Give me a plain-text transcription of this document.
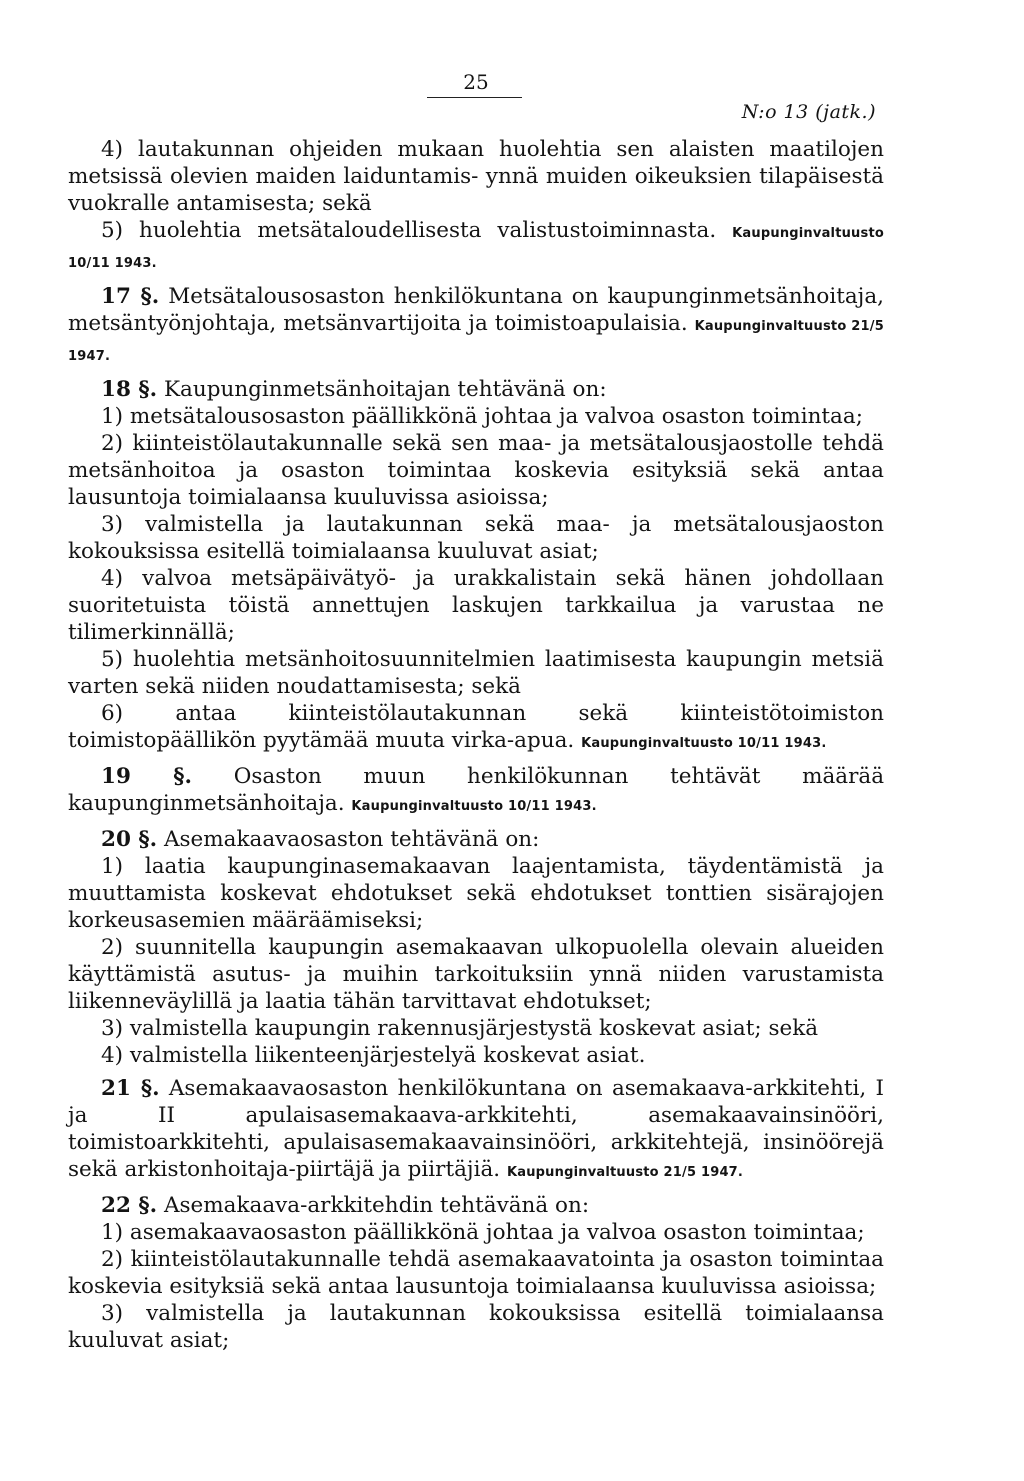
25
N:o 13 (jatk.)

4) lautakunnan ohjeiden mukaan huolehtia sen alaisten maatilojen metsissä olevien maiden laiduntamis- ynnä muiden oikeuksien tilapäisestä vuokralle antamisesta; sekä

5) huolehtia metsätaloudellisesta valistustoiminnasta. Kaupunginvaltuusto 10/11 1943.

17 §. Metsätalousosaston henkilökuntana on kaupunginmetsänhoitaja, metsäntyönjohtaja, metsänvartijoita ja toimistoapulaisia. Kaupunginvaltuusto 21/5 1947.

18 §. Kaupunginmetsänhoitajan tehtävänä on:

1) metsätalousosaston päällikkönä johtaa ja valvoa osaston toimintaa;

2) kiinteistölautakunnalle sekä sen maa- ja metsätalousjaostolle tehdä metsänhoitoa ja osaston toimintaa koskevia esityksiä sekä antaa lausuntoja toimialaansa kuuluvissa asioissa;

3) valmistella ja lautakunnan sekä maa- ja metsätalousjaoston kokouksissa esitellä toimialaansa kuuluvat asiat;

4) valvoa metsäpäivätyö- ja urakkalistain sekä hänen johdollaan suoritetuista töistä annettujen laskujen tarkkailua ja varustaa ne tilimerkinnällä;

5) huolehtia metsänhoitosuunnitelmien laatimisesta kaupungin metsiä varten sekä niiden noudattamisesta; sekä

6) antaa kiinteistölautakunnan sekä kiinteistötoimiston toimistopäällikön pyytämää muuta virka-apua. Kaupunginvaltuusto 10/11 1943.

19 §. Osaston muun henkilökunnan tehtävät määrää kaupunginmetsänhoitaja. Kaupunginvaltuusto 10/11 1943.

20 §. Asemakaavaosaston tehtävänä on:

1) laatia kaupunginasemakaavan laajentamista, täydentämistä ja muuttamista koskevat ehdotukset sekä ehdotukset tonttien sisärajojen korkeusasemien määräämiseksi;

2) suunnitella kaupungin asemakaavan ulkopuolella olevain alueiden käyttämistä asutus- ja muihin tarkoituksiin ynnä niiden varustamista liikenneväylillä ja laatia tähän tarvittavat ehdotukset;

3) valmistella kaupungin rakennusjärjestystä koskevat asiat; sekä

4) valmistella liikenteenjärjestelyä koskevat asiat.

21 §. Asemakaavaosaston henkilökuntana on asemakaava-arkkitehti, I ja II apulaisasemakaava-arkkitehti, asemakaavainsinööri, toimistoarkkitehti, apulaisasemakaavainsinööri, arkkitehtejä, insinöörejä sekä arkistonhoitaja-piirtäjä ja piirtäjiä. Kaupunginvaltuusto 21/5 1947.

22 §. Asemakaava-arkkitehdin tehtävänä on:

1) asemakaavaosaston päällikkönä johtaa ja valvoa osaston toimintaa;

2) kiinteistölautakunnalle tehdä asemakaavatointa ja osaston toimintaa koskevia esityksiä sekä antaa lausuntoja toimialaansa kuuluvissa asioissa;

3) valmistella ja lautakunnan kokouksissa esitellä toimialaansa kuuluvat asiat;
